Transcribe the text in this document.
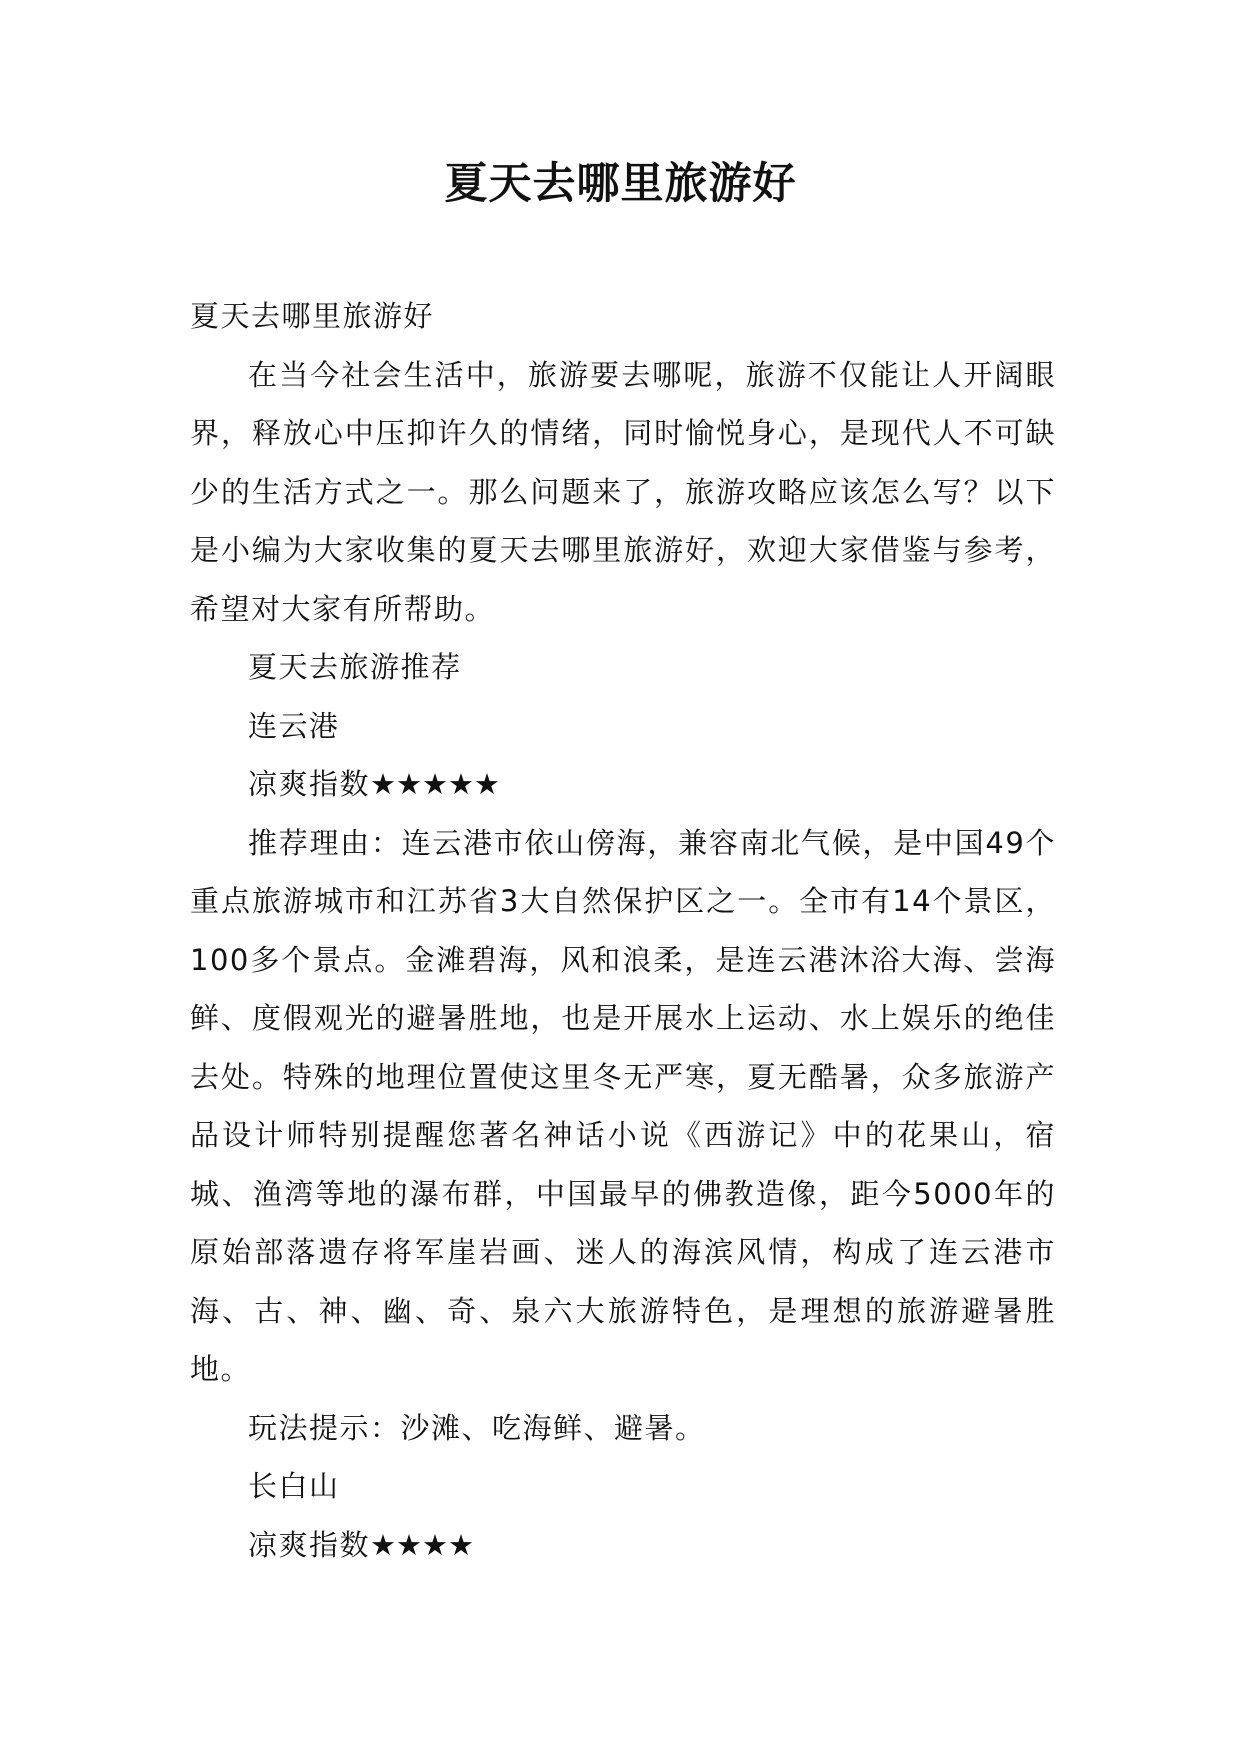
夏天去哪里旅游好

夏天去哪里旅游好

在当今社会生活中，旅游要去哪呢，旅游不仅能让人开阔眼界，释放心中压抑许久的情绪，同时愉悦身心，是现代人不可缺少的生活方式之一。那么问题来了，旅游攻略应该怎么写？以下是小编为大家收集的夏天去哪里旅游好，欢迎大家借鉴与参考，希望对大家有所帮助。

夏天去旅游推荐

连云港

凉爽指数★★★★★

推荐理由：连云港市依山傍海，兼容南北气候，是中国49个重点旅游城市和江苏省3大自然保护区之一。全市有14个景区，100多个景点。金滩碧海，风和浪柔，是连云港沐浴大海、尝海鲜、度假观光的避暑胜地，也是开展水上运动、水上娱乐的绝佳去处。特殊的地理位置使这里冬无严寒，夏无酷暑，众多旅游产品设计师特别提醒您著名神话小说《西游记》中的花果山，宿城、渔湾等地的瀑布群，中国最早的佛教造像，距今5000年的原始部落遗存将军崖岩画、迷人的海滨风情，构成了连云港市海、古、神、幽、奇、泉六大旅游特色，是理想的旅游避暑胜地。

玩法提示：沙滩、吃海鲜、避暑。

长白山

凉爽指数★★★★
